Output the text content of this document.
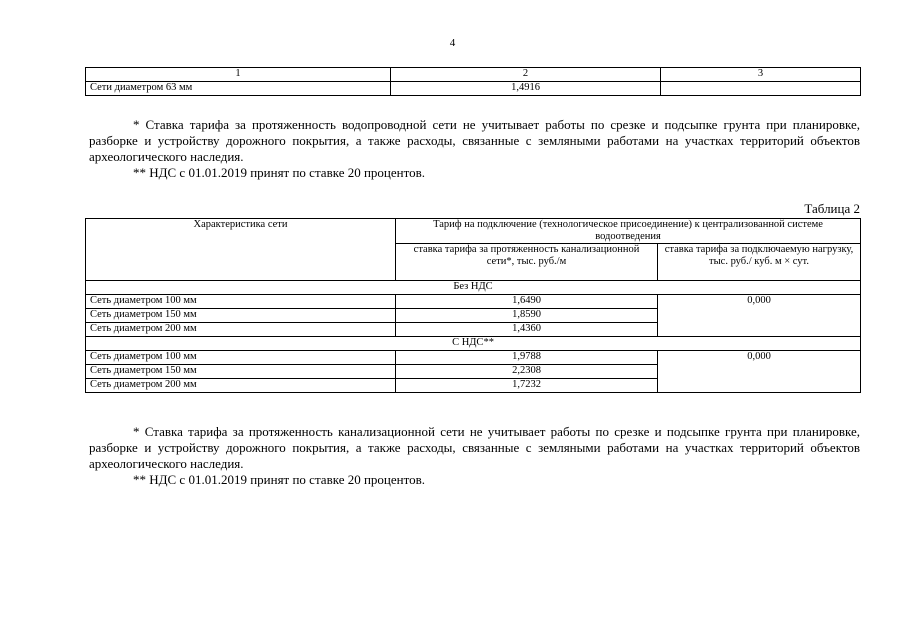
4
1	2	3
Сети диаметром 63 мм	1,4916	

* Ставка тарифа за протяженность водопроводной сети не учитывает работы по срезке и подсыпке грунта при планировке, разборке и устройству дорожного покрытия, а также расходы, связанные с земляными работами на участках территорий объектов археологического наследия.

** НДС с 01.01.2019 принят по ставке 20 процентов.

Таблица 2
Характеристика сети	Тариф на подключение (технологическое присоединение) к централизованной системе водоотведения	
	ставка тарифа за протяженность канализационной сети*, тыс. руб./м	ставка тарифа за подключаемую нагрузку, тыс. руб./ куб. м × сут.
Без НДС		
Сеть диаметром 100 мм	1,6490	0,000
Сеть диаметром 150 мм	1,8590	
Сеть диаметром 200 мм	1,4360	
С НДС**		
Сеть диаметром 100 мм	1,9788	0,000
Сеть диаметром 150 мм	2,2308	
Сеть диаметром 200 мм	1,7232	

* Ставка тарифа за протяженность канализационной сети не учитывает работы по срезке и подсыпке грунта при планировке, разборке и устройству дорожного покрытия, а также расходы, связанные с земляными работами на участках территорий объектов археологического наследия.

** НДС с 01.01.2019 принят по ставке 20 процентов.
